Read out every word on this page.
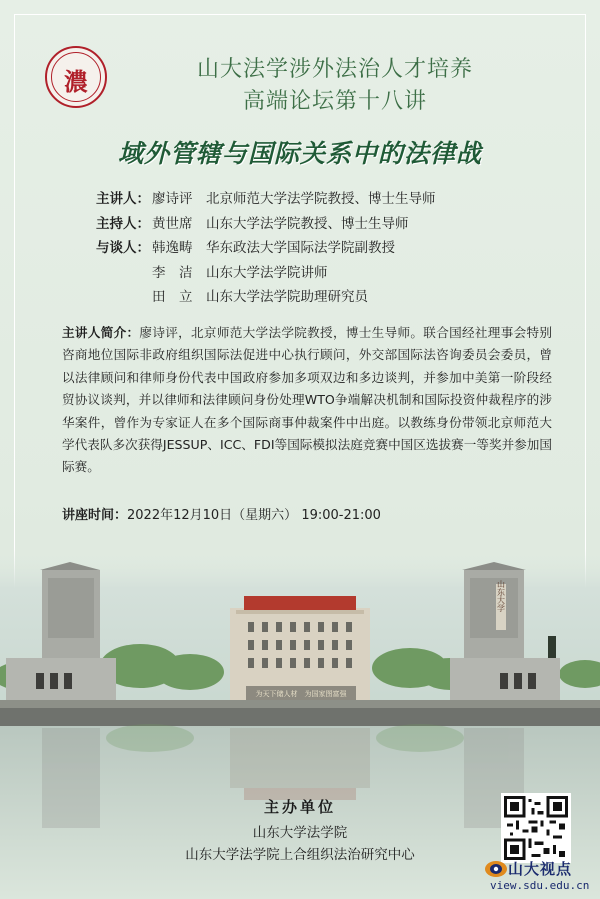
濃	山大法学涉外法治人才培养
高端论坛第十八讲
域外管辖与国际关系中的法律战
主讲人： 廖诗评	北京师范大学法学院教授、博士生导师
主持人： 黄世席	山东大学法学院教授、博士生导师
与谈人： 韩逸畴	华东政法大学国际法学院副教授
李　洁	山东大学法学院讲师
田　立	山东大学法学院助理研究员
主讲人简介：廖诗评，北京师范大学法学院教授，博士生导师。联合国经社理事会特别咨商地位国际非政府组织国际法促进中心执行顾问，外交部国际法咨询委员会委员，曾以法律顾问和律师身份代表中国政府参加多项双边和多边谈判，并参加中美第一阶段经贸协议谈判，并以律师和法律顾问身份处理WTO争端解决机制和国际投资仲裁程序的涉华案件，曾作为专家证人在多个国际商事仲裁案件中出庭。以教练身份带领北京师范大学代表队多次获得JESSUP、ICC、FDI等国际模拟法庭竞赛中国区选拔赛一等奖并参加国际赛。
讲座时间：2022年12月10日（星期六） 19:00-21:00
山东大学
为天下储人材　为国家图富强
主办单位
山东大学法学院
山东大学法学院上合组织法治研究中心
山大视点
view.sdu.edu.cn
